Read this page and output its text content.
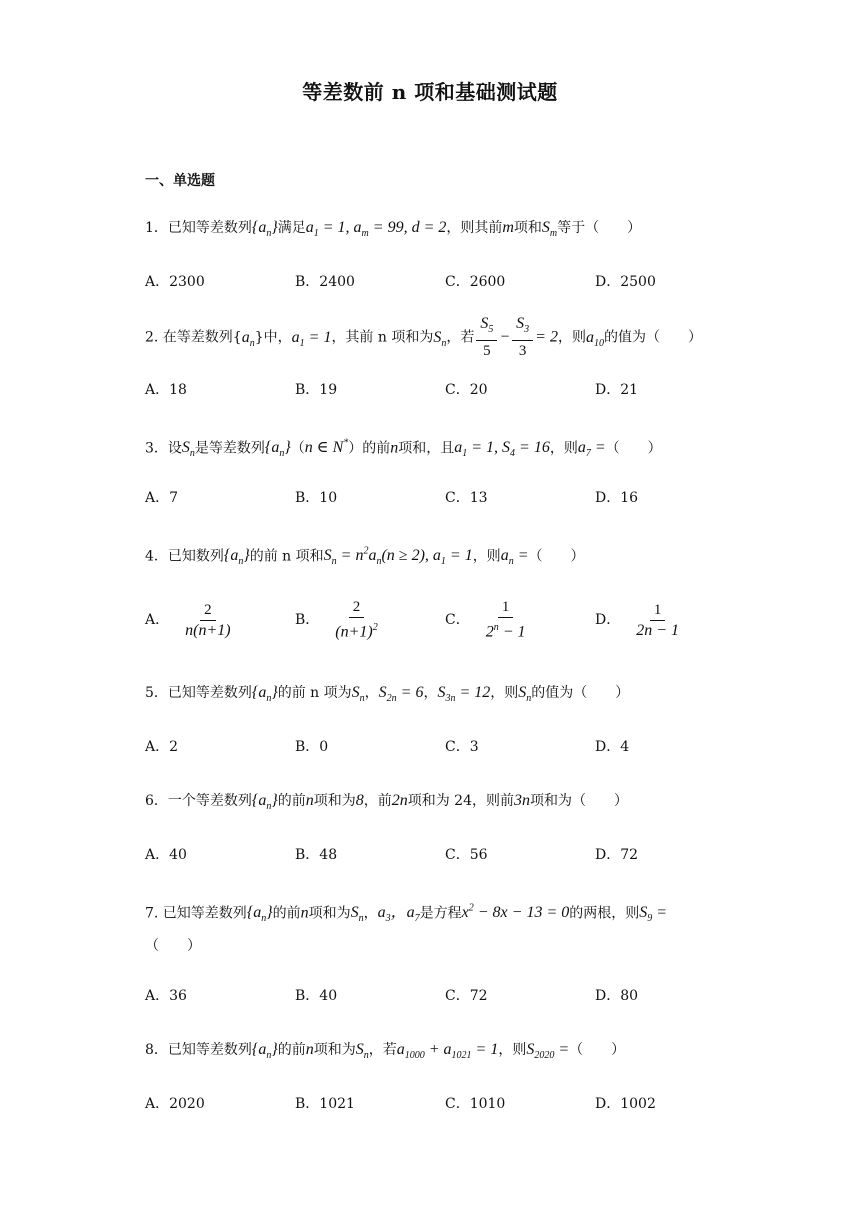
等差数前 n 项和基础测试题
一、单选题
1．已知等差数列$\{a_n\}$满足$a_1 = 1$, $a_m = 99$, d = 2，则其前m项和$S_m$等于（　　）
A．2300	B．2400	C．2600	D．2500
2. 在等差数列$\{a_n\}$中，$a_1 = 1$，其前 n 项和为$S_n$，若 $\frac{S_5}{5} - \frac{S_3}{3} = 2$，则$a_{10}$的值为（　　）
A．18	B．19	C．20	D．21
3．设$S_n$是等差数列$\{a_n\}(n$ ∈ N*）的前n项和，且$a_1 = 1$, $S_4 = 16$，则$a_7$ =（　　）
A．7	B．10	C．13	D．16
4．已知数列$\{a_n\}$的前 n 项和$S_n = n^2a_n(n \ge 2)$, $a_1 = 1$，则$a_n$ =（　　）
A． $\frac{2}{n(n+1)}$	B． $\frac{2}{(n+1)^2}$	C． $\frac{1}{2^n - 1}$	D． $\frac{1}{2n - 1}$
5．已知等差数列$\{a_n\}$的前 n 项为$S_n$，$S_{2n} = 6$，$S_{3n} = 12$，则$S_n$的值为（　　）
A．2	B．0	C．3	D．4
6．一个等差数列$\{a_n\}$的前n项和为8，前2n项和为 24，则前3n项和为（　　）
A．40	B．48	C．56	D．72
7. 已知等差数列$\{a_n\}$的前n项和为$S_n$，$a_3$，$a_7$是方程$x^2 - 8x - 13 = 0$的两根，则$S_9$ =
（　　）
A．36	B．40	C．72	D．80
8．已知等差数列$\{a_n\}$的前n项和为$S_n$，若$a_{1000} + a_{1021} = 1$，则$S_{2020}$ =（　　）
A．2020	B．1021	C．1010	D．1002
